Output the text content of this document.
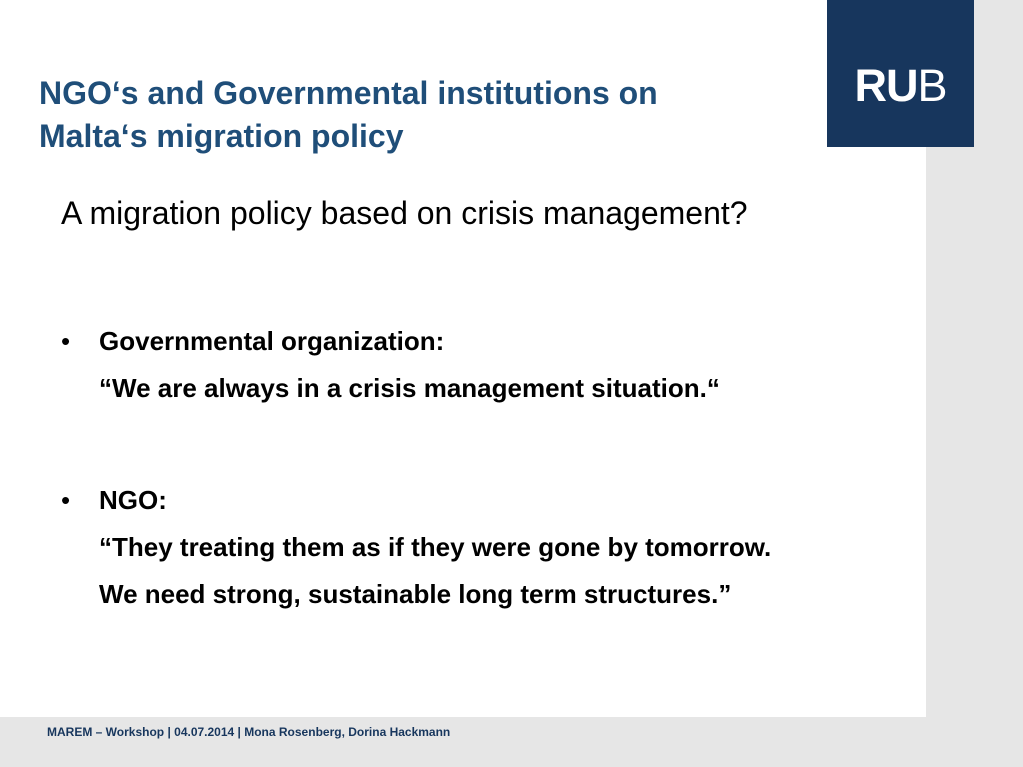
RUB
NGO‘s and Governmental institutions on
Malta‘s migration policy
A migration policy based on crisis management?
• Governmental organization:
“We are always in a crisis management situation.“
• NGO:
“They treating them as if they were gone by tomorrow.
We need strong, sustainable long term structures.”
MAREM – Workshop | 04.07.2014 | Mona Rosenberg, Dorina Hackmann
